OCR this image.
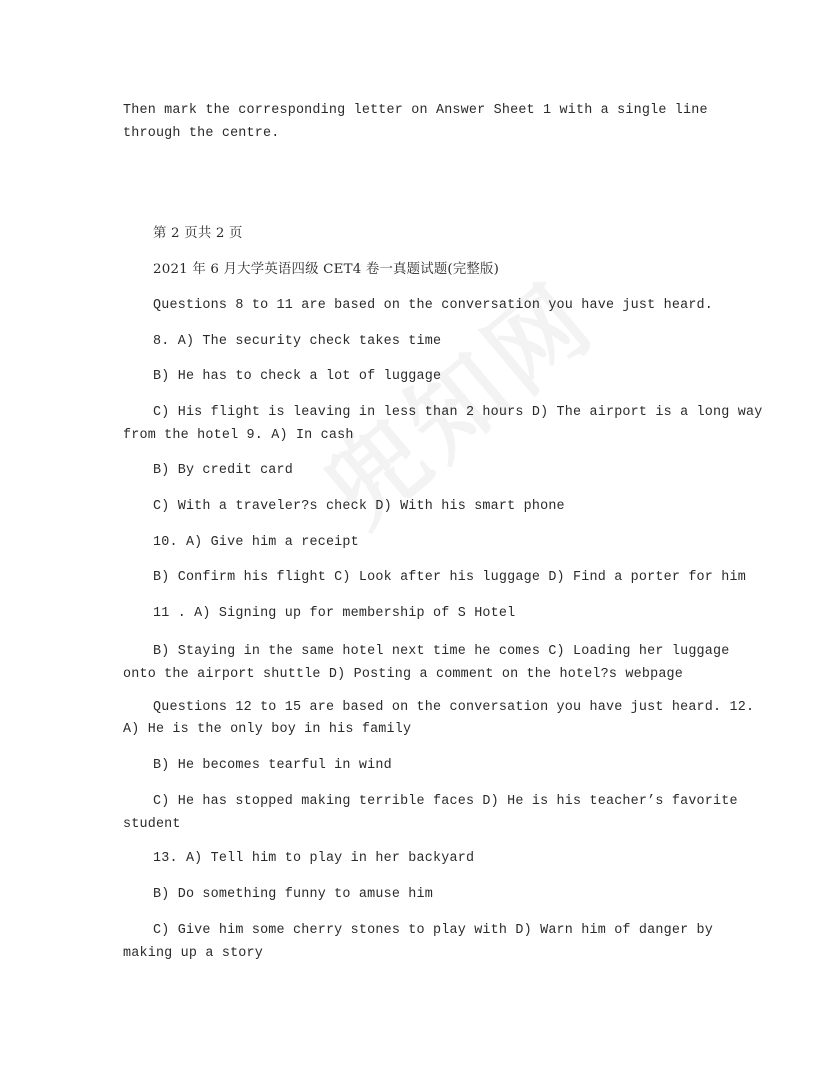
Then mark the corresponding letter on Answer Sheet 1 with a single line
through the centre.
第 2 页共 2 页
2021 年 6 月大学英语四级 CET4 卷一真题试题(完整版)
Questions 8 to 11 are based on the conversation you have just heard.
8. A) The security check takes time
B) He has to check a lot of luggage
C) His flight is leaving in less than 2 hours D) The airport is a long way
from the hotel 9. A) In cash
B) By credit card
C) With a traveler?s check D) With his smart phone
10. A) Give him a receipt
B) Confirm his flight C) Look after his luggage D) Find a porter for him
11 . A) Signing up for membership of S Hotel
B) Staying in the same hotel next time he comes C) Loading her luggage
onto the airport shuttle D) Posting a comment on the hotel?s webpage
Questions 12 to 15 are based on the conversation you have just heard. 12.
A) He is the only boy in his family
B) He becomes tearful in wind
C) He has stopped making terrible faces D) He is his teacher’s favorite
student
13. A) Tell him to play in her backyard
B) Do something funny to amuse him
C) Give him some cherry stones to play with D) Warn him of danger by
making up a story
